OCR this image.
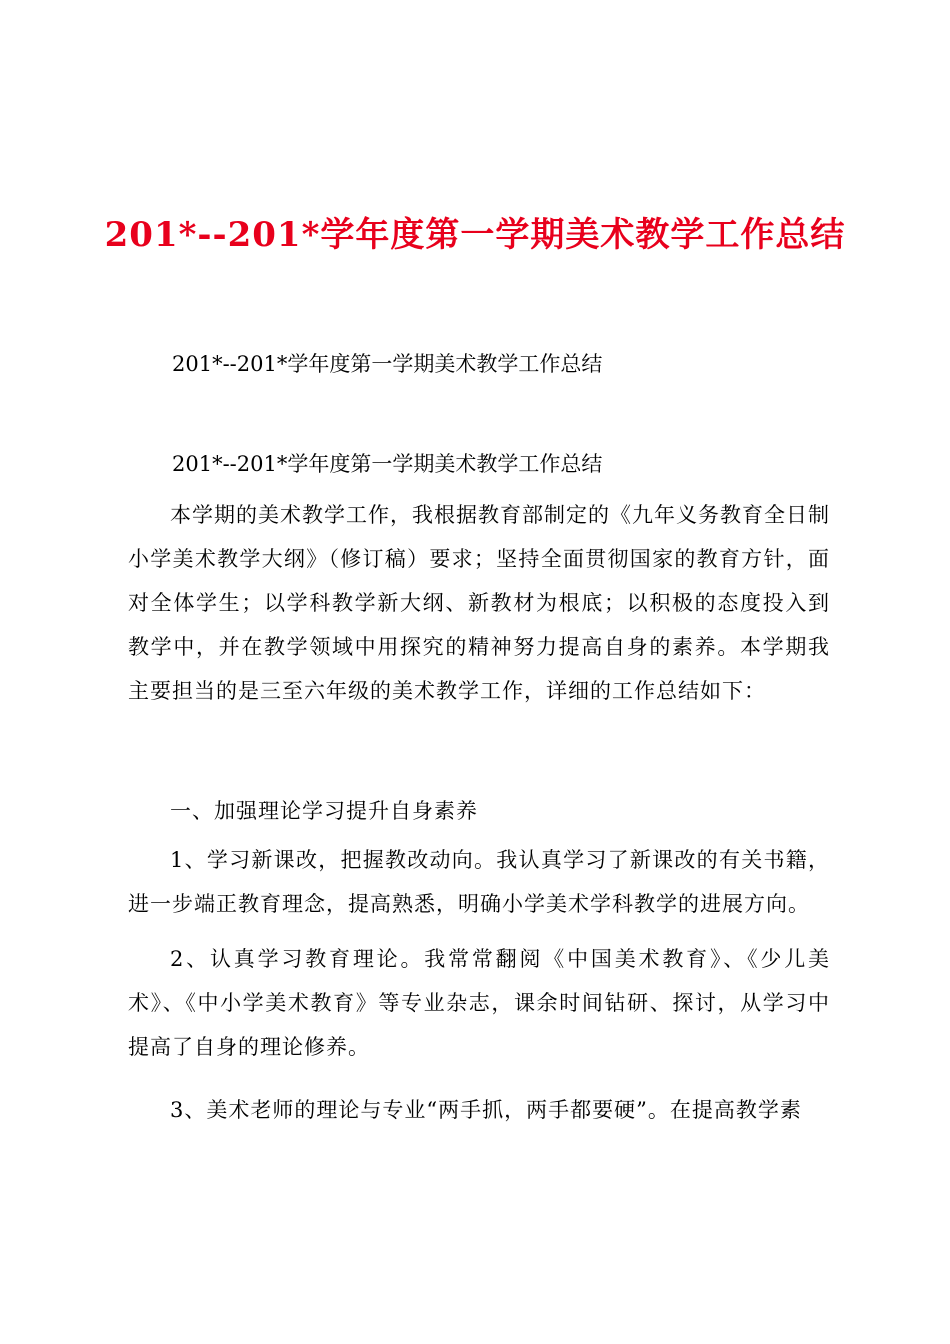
201*--201*学年度第一学期美术教学工作总结
201*--201*学年度第一学期美术教学工作总结
201*--201*学年度第一学期美术教学工作总结

本学期的美术教学工作，我根据教育部制定的《九年义务教育全日制小学美术教学大纲》（修订稿）要求；坚持全面贯彻国家的教育方针，面对全体学生；以学科教学新大纲、新教材为根底；以积极的态度投入到教学中，并在教学领域中用探究的精神努力提高自身的素养。本学期我主要担当的是三至六年级的美术教学工作，详细的工作总结如下：

一、加强理论学习提升自身素养

1、学习新课改，把握教改动向。我认真学习了新课改的有关书籍，进一步端正教育理念，提高熟悉，明确小学美术学科教学的进展方向。

2、认真学习教育理论。我常常翻阅《中国美术教育》、《少儿美术》、《中小学美术教育》等专业杂志，课余时间钻研、探讨，从学习中提高了自身的理论修养。

3、美术老师的理论与专业“两手抓，两手都要硬”。在提高教学素
